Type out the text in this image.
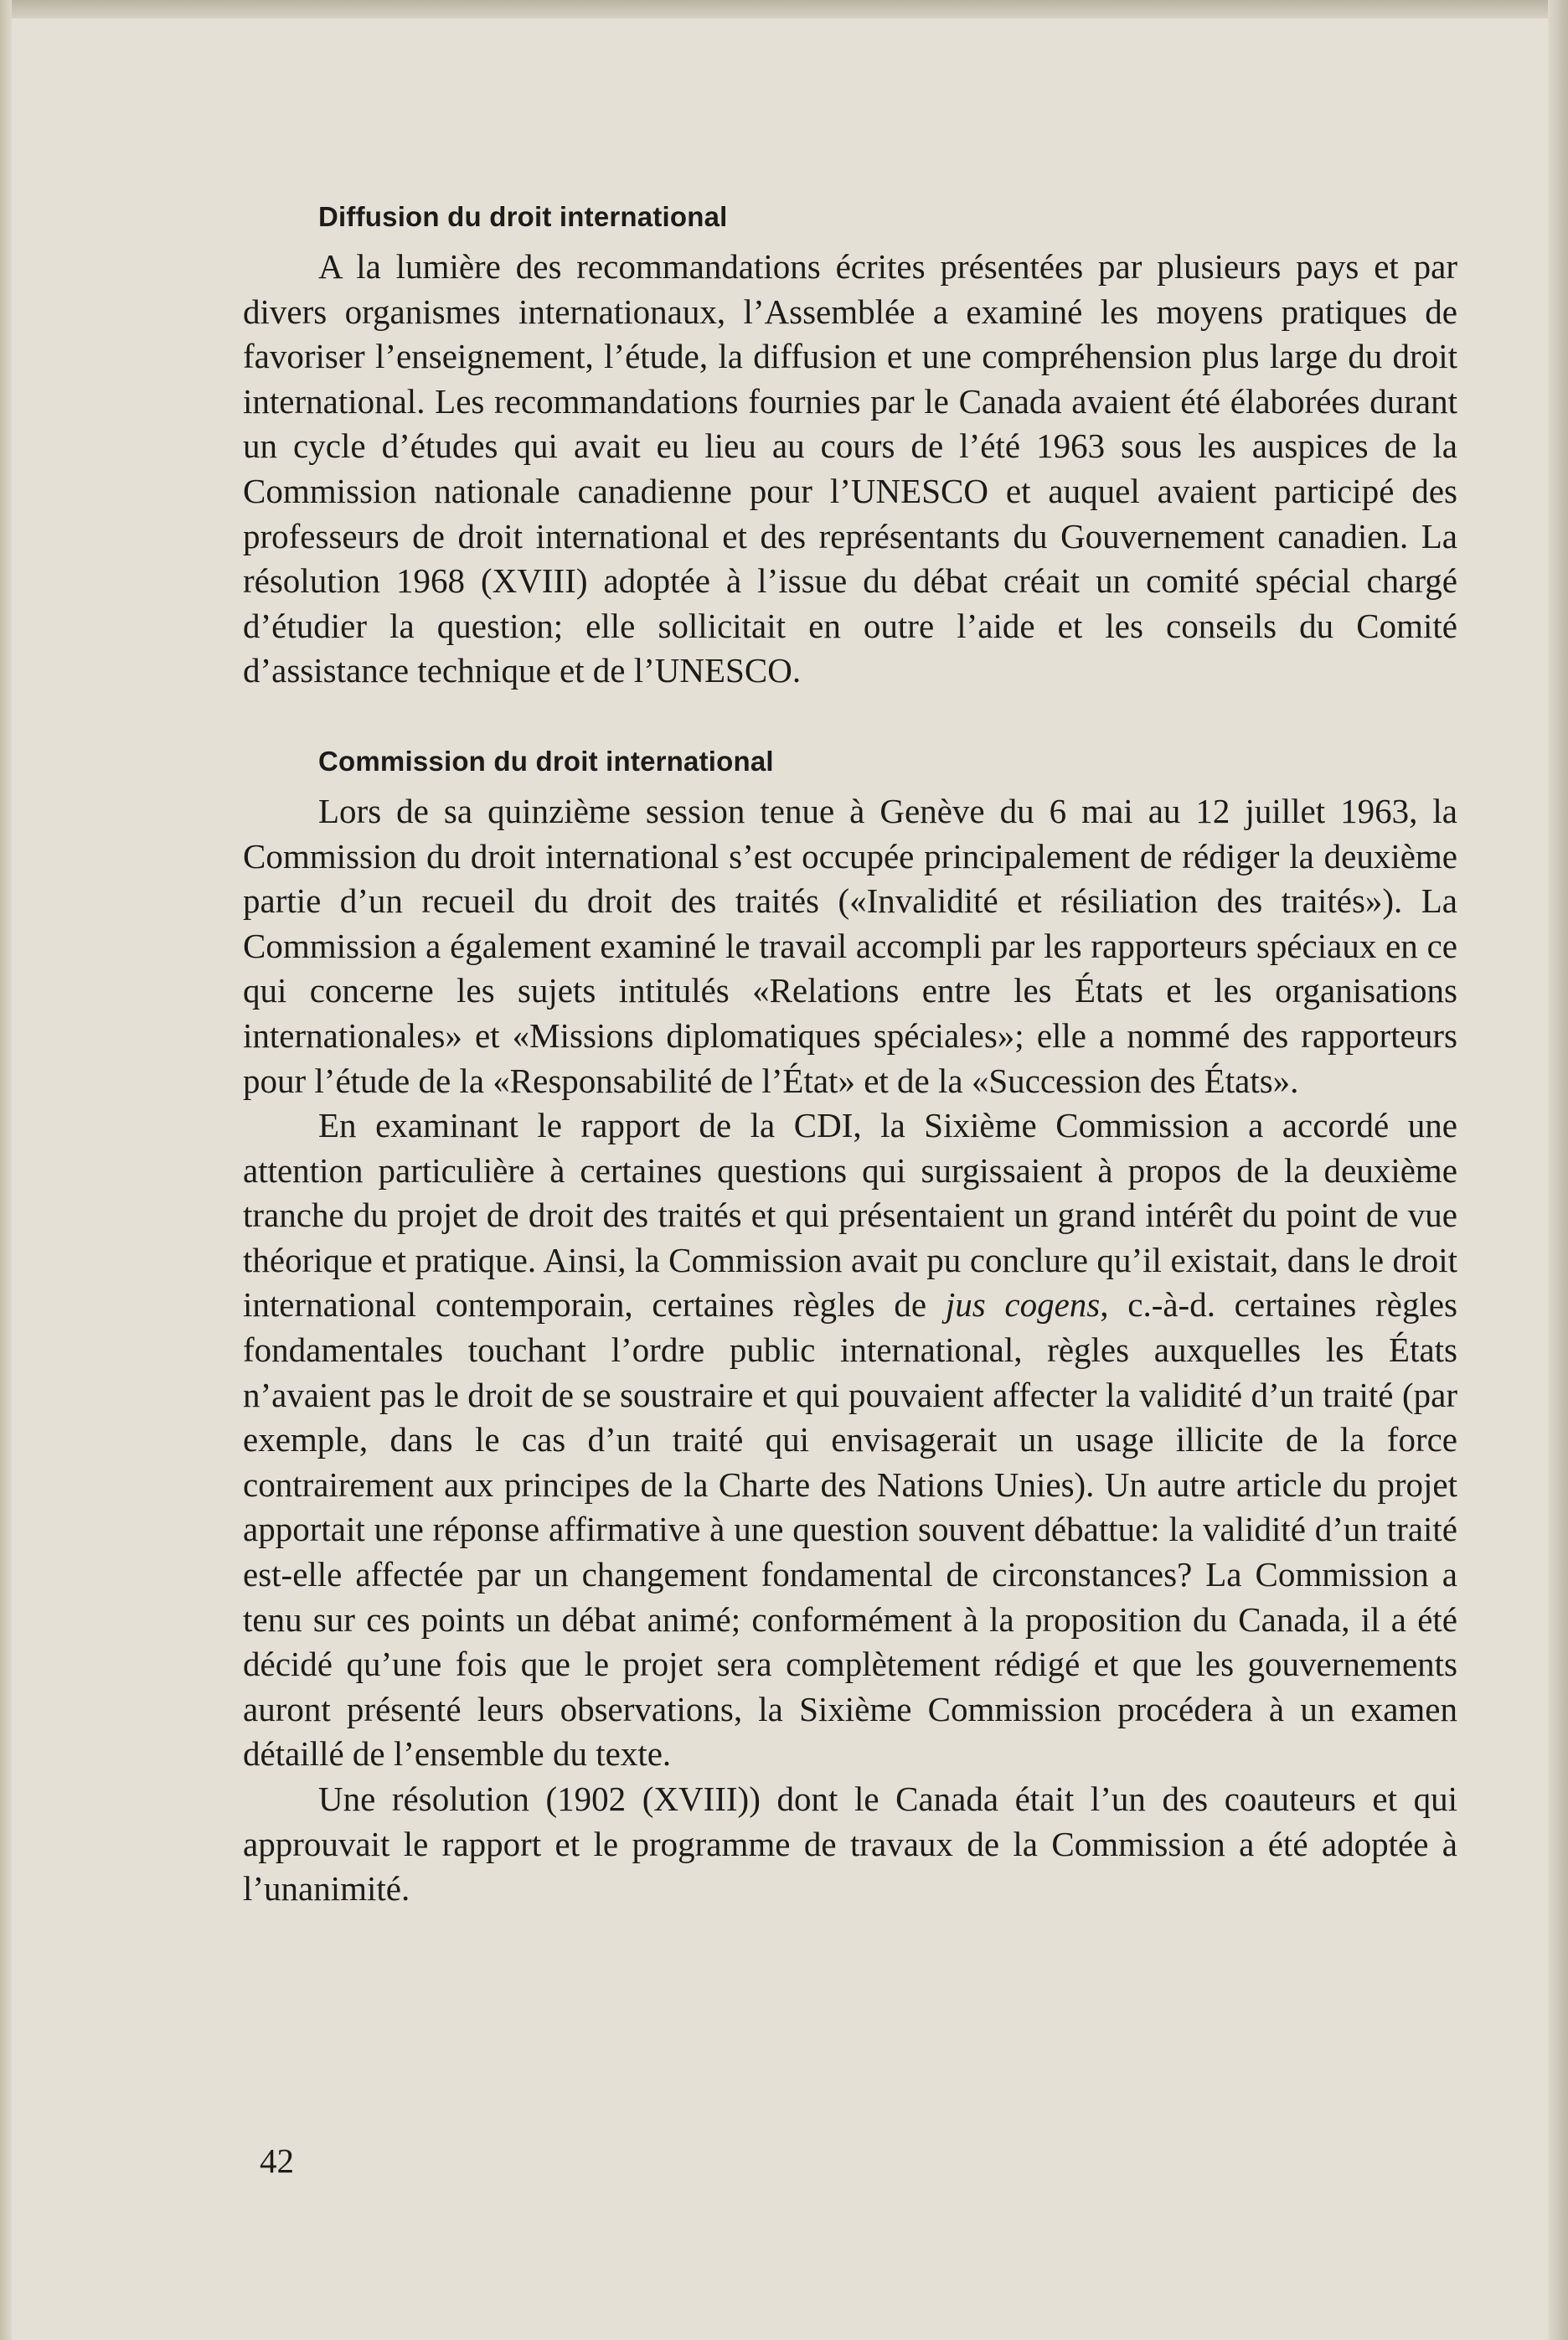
Diffusion du droit international

A la lumière des recommandations écrites présentées par plusieurs pays et par divers organismes internationaux, l’Assemblée a examiné les moyens pratiques de favoriser l’enseignement, l’étude, la diffusion et une compréhension plus large du droit international. Les recommandations fournies par le Canada avaient été élaborées durant un cycle d’études qui avait eu lieu au cours de l’été 1963 sous les auspices de la Commission nationale canadienne pour l’UNESCO et auquel avaient participé des professeurs de droit international et des représentants du Gouvernement canadien. La résolution 1968 (XVIII) adoptée à l’issue du débat créait un comité spécial chargé d’étudier la question; elle sollicitait en outre l’aide et les conseils du Comité d’assistance technique et de l’UNESCO.

Commission du droit international

Lors de sa quinzième session tenue à Genève du 6 mai au 12 juillet 1963, la Commission du droit international s’est occupée principalement de rédiger la deuxième partie d’un recueil du droit des traités («Invalidité et résiliation des traités»). La Commission a également examiné le travail accompli par les rapporteurs spéciaux en ce qui concerne les sujets intitulés «Relations entre les États et les organisations internationales» et «Missions diplomatiques spéciales»; elle a nommé des rapporteurs pour l’étude de la «Responsabilité de l’État» et de la «Succession des États».

En examinant le rapport de la CDI, la Sixième Commission a accordé une attention particulière à certaines questions qui surgissaient à propos de la deuxième tranche du projet de droit des traités et qui présentaient un grand intérêt du point de vue théorique et pratique. Ainsi, la Commission avait pu conclure qu’il existait, dans le droit international contemporain, certaines règles de jus cogens, c.-à-d. certaines règles fondamentales touchant l’ordre public international, règles auxquelles les États n’avaient pas le droit de se soustraire et qui pouvaient affecter la validité d’un traité (par exemple, dans le cas d’un traité qui envisagerait un usage illicite de la force contrairement aux principes de la Charte des Nations Unies). Un autre article du projet apportait une réponse affirmative à une question souvent débattue: la validité d’un traité est-elle affectée par un changement fondamental de circonstances? La Commission a tenu sur ces points un débat animé; conformément à la proposition du Canada, il a été décidé qu’une fois que le projet sera complètement rédigé et que les gouvernements auront présenté leurs observations, la Sixième Commission procédera à un examen détaillé de l’ensemble du texte.

Une résolution (1902 (XVIII)) dont le Canada était l’un des coauteurs et qui approuvait le rapport et le programme de travaux de la Commission a été adoptée à l’unanimité.

42
